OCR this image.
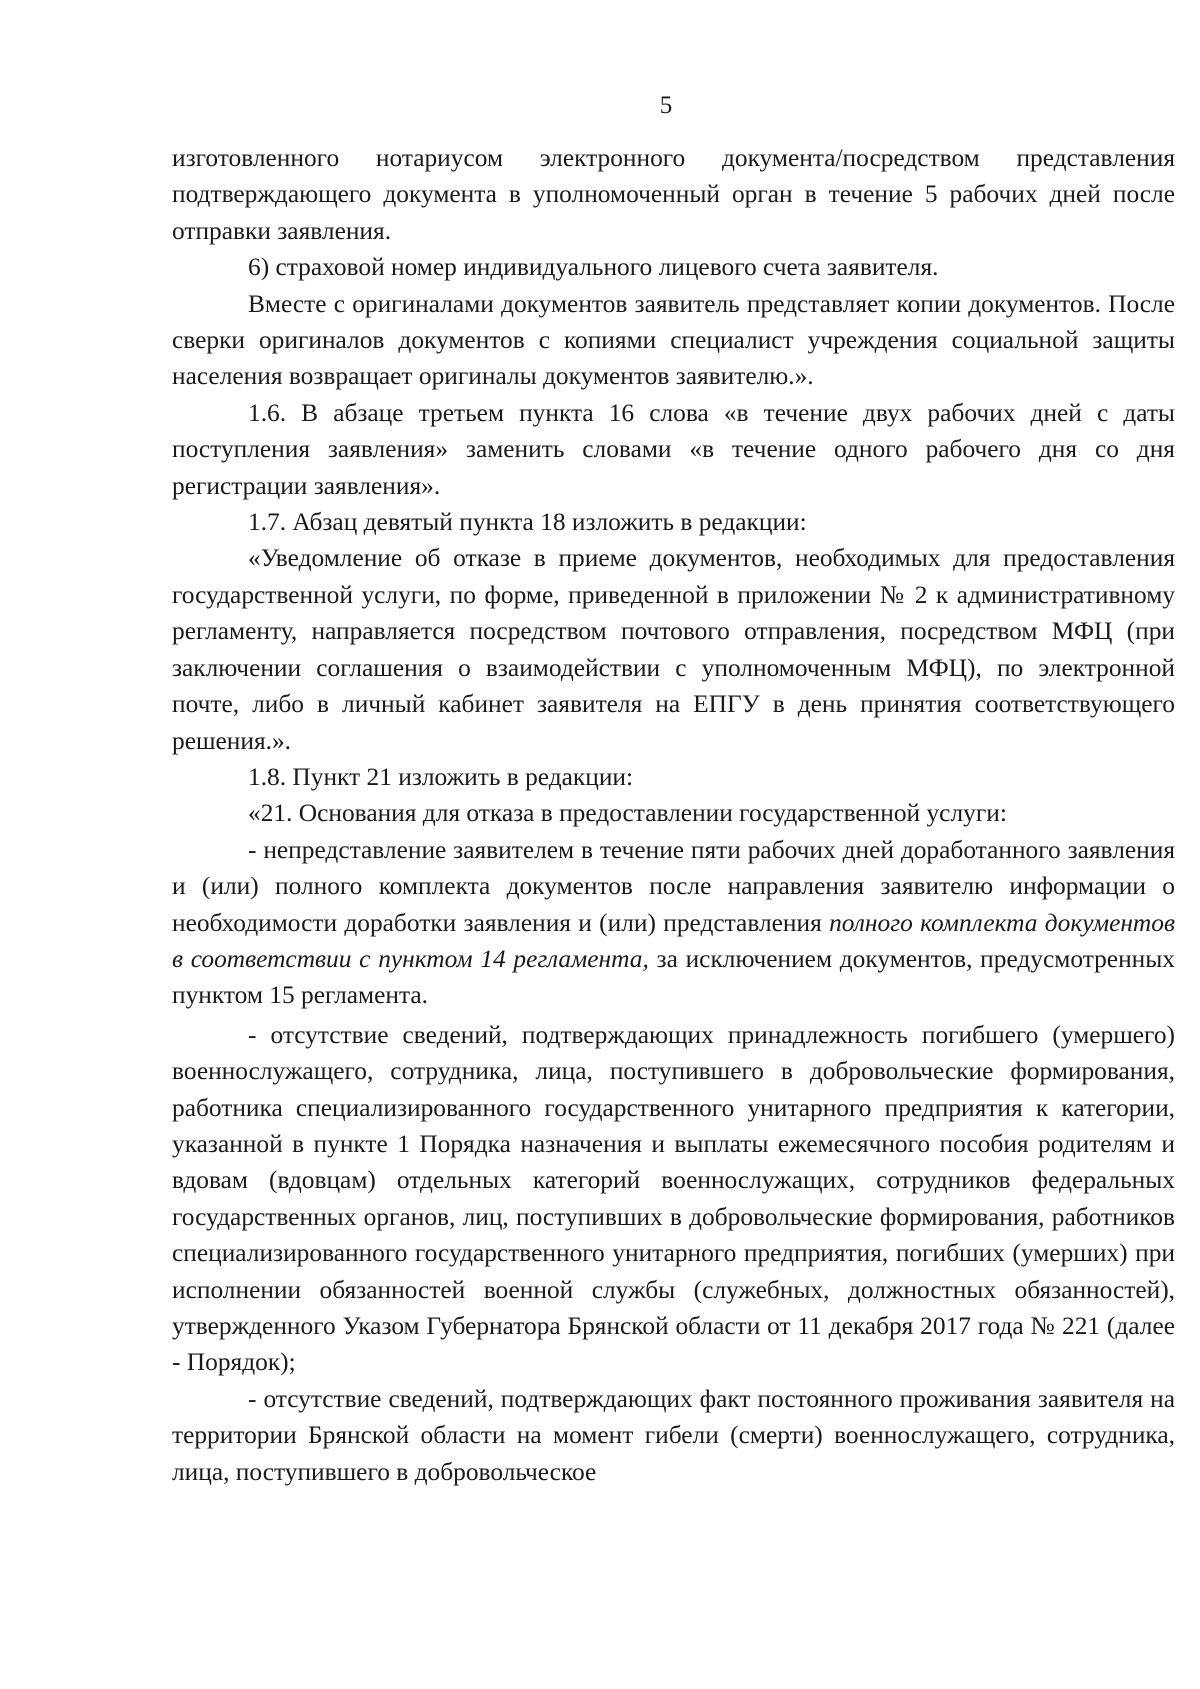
5

изготовленного нотариусом электронного документа/посредством представления подтверждающего документа в уполномоченный орган в течение 5 рабочих дней после отправки заявления.

6) страховой номер индивидуального лицевого счета заявителя.

Вместе с оригиналами документов заявитель представляет копии документов. После сверки оригиналов документов с копиями специалист учреждения социальной защиты населения возвращает оригиналы документов заявителю.».

1.6. В абзаце третьем пункта 16 слова «в течение двух рабочих дней с даты поступления заявления» заменить словами «в течение одного рабочего дня со дня регистрации заявления».

1.7. Абзац девятый пункта 18 изложить в редакции:

«Уведомление об отказе в приеме документов, необходимых для предоставления государственной услуги, по форме, приведенной в приложении № 2 к административному регламенту, направляется посредством почтового отправления, посредством МФЦ (при заключении соглашения о взаимодействии с уполномоченным МФЦ), по электронной почте, либо в личный кабинет заявителя на ЕПГУ в день принятия соответствующего решения.».

1.8. Пункт 21 изложить в редакции:

«21. Основания для отказа в предоставлении государственной услуги:

- непредставление заявителем в течение пяти рабочих дней доработанного заявления и (или) полного комплекта документов после направления заявителю информации о необходимости доработки заявления и (или) представления полного комплекта документов в соответствии с пунктом 14 регламента, за исключением документов, предусмотренных пунктом 15 регламента.

- отсутствие сведений, подтверждающих принадлежность погибшего (умершего) военнослужащего, сотрудника, лица, поступившего в добровольческие формирования, работника специализированного государственного унитарного предприятия к категории, указанной в пункте 1 Порядка назначения и выплаты ежемесячного пособия родителям и вдовам (вдовцам) отдельных категорий военнослужащих, сотрудников федеральных государственных органов, лиц, поступивших в добровольческие формирования, работников специализированного государственного унитарного предприятия, погибших (умерших) при исполнении обязанностей военной службы (служебных, должностных обязанностей), утвержденного Указом Губернатора Брянской области от 11 декабря 2017 года № 221 (далее - Порядок);

- отсутствие сведений, подтверждающих факт постоянного проживания заявителя на территории Брянской области на момент гибели (смерти) военнослужащего, сотрудника, лица, поступившего в добровольческое
